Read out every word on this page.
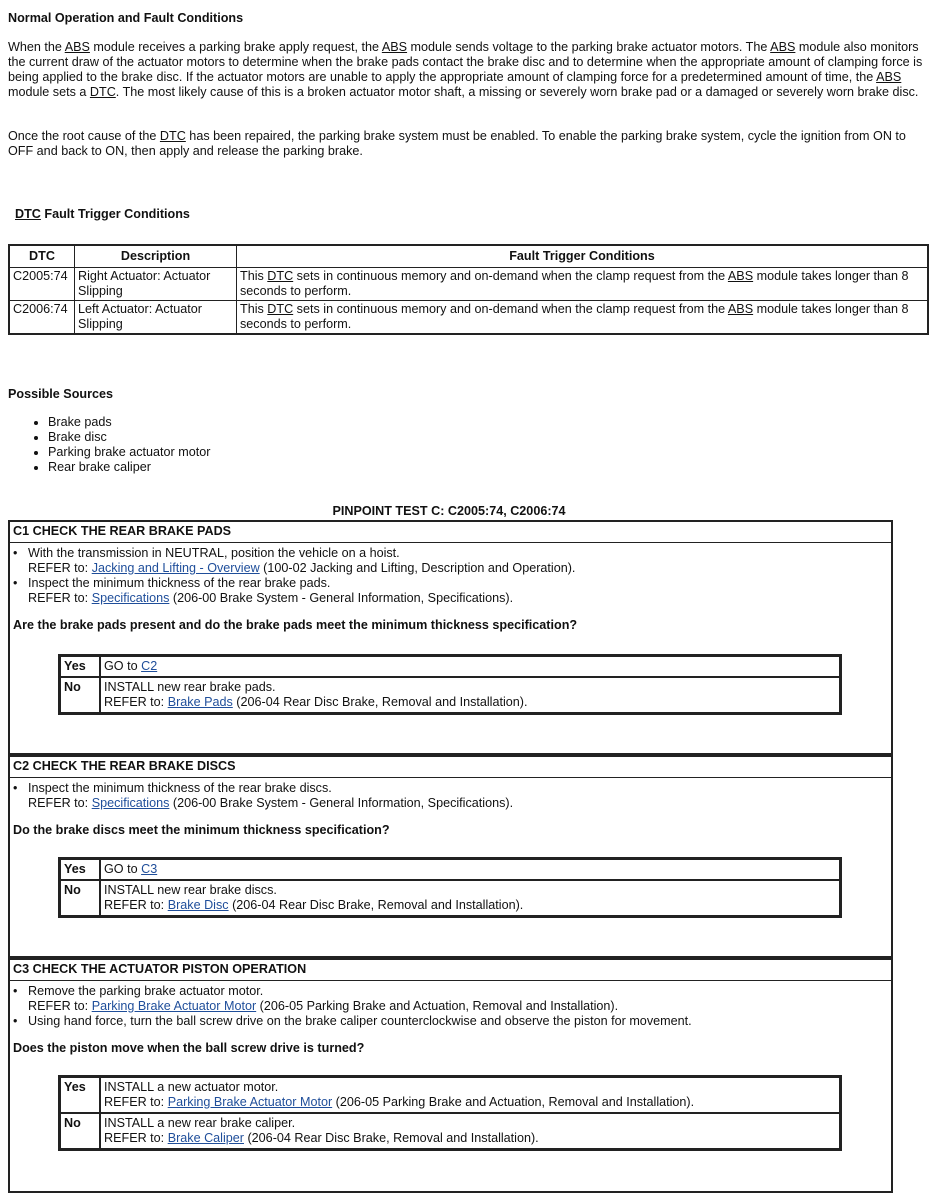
Normal Operation and Fault Conditions

When the ABS module receives a parking brake apply request, the ABS module sends voltage to the parking brake actuator motors. The ABS module also monitors the current draw of the actuator motors to determine when the brake pads contact the brake disc and to determine when the appropriate amount of clamping force is being applied to the brake disc. If the actuator motors are unable to apply the appropriate amount of clamping force for a predetermined amount of time, the ABS module sets a DTC. The most likely cause of this is a broken actuator motor shaft, a missing or severely worn brake pad or a damaged or severely worn brake disc.

Once the root cause of the DTC has been repaired, the parking brake system must be enabled. To enable the parking brake system, cycle the ignition from ON to OFF and back to ON, then apply and release the parking brake.

DTC Fault Trigger Conditions
DTC	Description	Fault Trigger Conditions
C2005:74	Right Actuator: Actuator Slipping	This DTC sets in continuous memory and on-demand when the clamp request from the ABS module takes longer than 8 seconds to perform.
C2006:74	Left Actuator: Actuator Slipping	This DTC sets in continuous memory and on-demand when the clamp request from the ABS module takes longer than 8 seconds to perform.
Possible Sources
• Brake pads
• Brake disc
• Parking brake actuator motor
• Rear brake caliper
PINPOINT TEST C: C2005:74, C2006:74
C1 CHECK THE REAR BRAKE PADS
• With the transmission in NEUTRAL, position the vehicle on a hoist.
REFER to: Jacking and Lifting - Overview (100-02 Jacking and Lifting, Description and Operation).
• Inspect the minimum thickness of the rear brake pads.
REFER to: Specifications (206-00 Brake System - General Information, Specifications).
Are the brake pads present and do the brake pads meet the minimum thickness specification?
Yes	GO to C2
No	INSTALL new rear brake pads.
REFER to: Brake Pads (206-04 Rear Disc Brake, Removal and Installation).
C2 CHECK THE REAR BRAKE DISCS
• Inspect the minimum thickness of the rear brake discs.
REFER to: Specifications (206-00 Brake System - General Information, Specifications).
Do the brake discs meet the minimum thickness specification?
Yes	GO to C3
No	INSTALL new rear brake discs.
REFER to: Brake Disc (206-04 Rear Disc Brake, Removal and Installation).
C3 CHECK THE ACTUATOR PISTON OPERATION
• Remove the parking brake actuator motor.
REFER to: Parking Brake Actuator Motor (206-05 Parking Brake and Actuation, Removal and Installation).
• Using hand force, turn the ball screw drive on the brake caliper counterclockwise and observe the piston for movement.
Does the piston move when the ball screw drive is turned?
Yes	INSTALL a new actuator motor.
REFER to: Parking Brake Actuator Motor (206-05 Parking Brake and Actuation, Removal and Installation).

No	INSTALL a new rear brake caliper.
REFER to: Brake Caliper (206-04 Rear Disc Brake, Removal and Installation).
